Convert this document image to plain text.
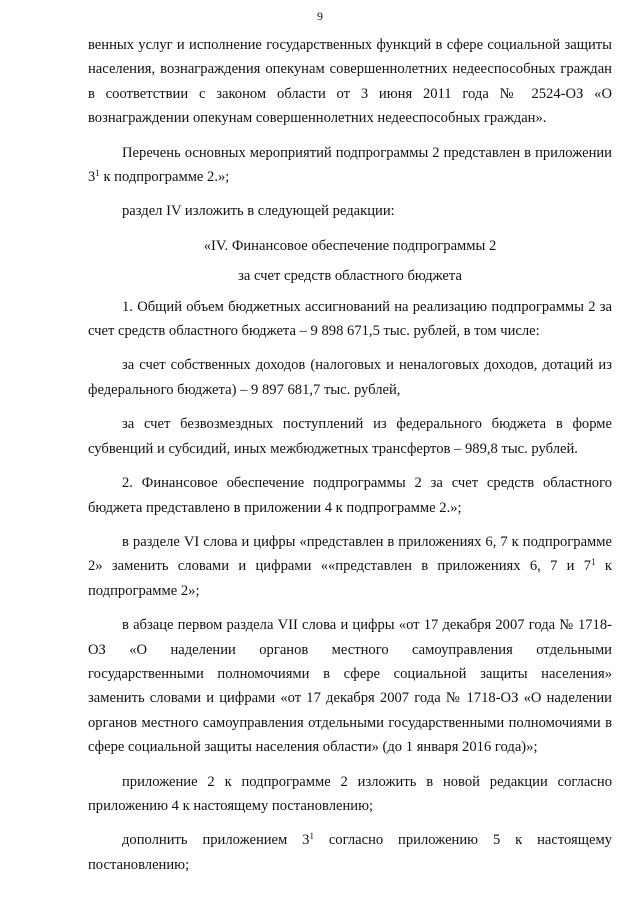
9

венных услуг и исполнение государственных функций в сфере социальной защиты населения, вознаграждения опекунам совершеннолетних недееспособных граждан в соответствии с законом области от 3 июня 2011 года № 2524-ОЗ «О вознаграждении опекунам совершеннолетних недееспособных граждан».

Перечень основных мероприятий подпрограммы 2 представлен в приложении $3^1$ к подпрограмме 2.»;

раздел IV изложить в следующей редакции:

«IV. Финансовое обеспечение подпрограммы 2

за счет средств областного бюджета

1. Общий объем бюджетных ассигнований на реализацию подпрограммы 2 за счет средств областного бюджета – 9 898 671,5 тыс. рублей, в том числе:

за счет собственных доходов (налоговых и неналоговых доходов, дотаций из федерального бюджета) – 9 897 681,7 тыс. рублей,

за счет безвозмездных поступлений из федерального бюджета в форме субвенций и субсидий, иных межбюджетных трансфертов – 989,8 тыс. рублей.

2. Финансовое обеспечение подпрограммы 2 за счет средств областного бюджета представлено в приложении 4 к подпрограмме 2.»;

в разделе VI слова и цифры «представлен в приложениях 6, 7 к подпрограмме 2» заменить словами и цифрами ««представлен в приложениях 6, 7 и $7^1$ к подпрограмме 2»;

в абзаце первом раздела VII слова и цифры «от 17 декабря 2007 года № 1718-ОЗ «О наделении органов местного самоуправления отдельными государственными полномочиями в сфере социальной защиты населения» заменить словами и цифрами «от 17 декабря 2007 года № 1718-ОЗ «О наделении органов местного самоуправления отдельными государственными полномочиями в сфере социальной защиты населения области» (до 1 января 2016 года)»;

приложение 2 к подпрограмме 2 изложить в новой редакции согласно приложению 4 к настоящему постановлению;

дополнить приложением $3^1$ согласно приложению 5 к настоящему постановлению;
